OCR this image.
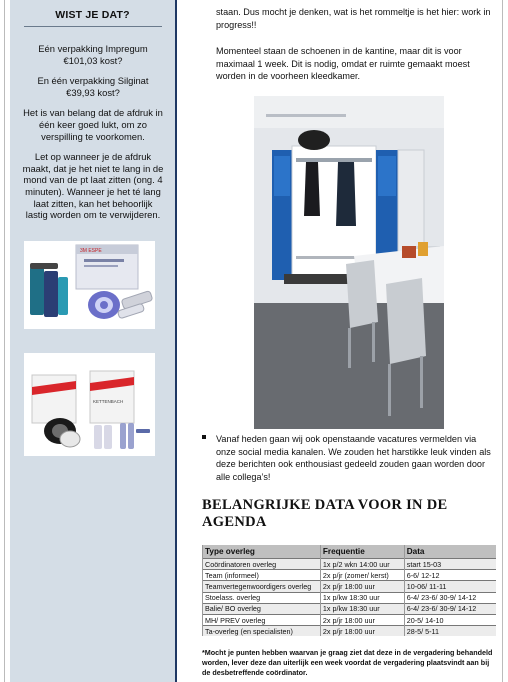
WIST JE DAT?

Eén verpakking Impregum €101,03 kost?

En één verpakking Silginat €39,93 kost?

Het is van belang dat de afdruk in één keer goed lukt, om zo verspilling te voorkomen.

Let op wanneer je de afdruk maakt, dat je het niet te lang in de mond van de pt laat zitten (ong. 4 minuten). Wanneer je het té lang laat zitten, kan het behoorlijk lastig worden om te verwijderen.

3M ESPE
KETTENBACH
staan. Dus mocht je denken, wat is het rommeltje is het hier: work in progress!!
Momenteel staan de schoenen in de kantine, maar dit is voor maximaal 1 week. Dit is nodig, omdat er ruimte gemaakt moest worden in de voorheen kleedkamer.
Vanaf heden gaan wij ook openstaande vacatures vermelden via onze social media kanalen. We zouden het harstikke leuk vinden als deze berichten ook enthousiast gedeeld zouden gaan worden door alle collega’s!
BELANGRIJKE DATA VOOR IN DE AGENDA
Type overleg	Frequentie	Data
Coördinatoren overleg	1x p/2 wkn 14:00 uur	start 15-03
Team (informeel)	2x p/jr (zomer/ kerst)	6-6/ 12-12
Teamvertegenwoordigers overleg	2x p/jr 18:00 uur	10-06/ 11-11
Stoelass. overleg	1x p/kw 18:30 uur	6-4/ 23-6/ 30-9/ 14-12
Balie/ BO overleg	1x p/kw 18:30 uur	6-4/ 23-6/ 30-9/ 14-12
MH/ PREV overleg	2x p/jr 18:00 uur	20-5/ 14-10
Ta-overleg (en specialisten)	2x p/jr 18:00 uur	28-5/ 5-11
*Mocht je punten hebben waarvan je graag ziet dat deze in de vergadering behandeld worden, lever deze dan uiterlijk een week voordat de vergadering plaatsvindt aan bij de desbetreffende coördinator.
